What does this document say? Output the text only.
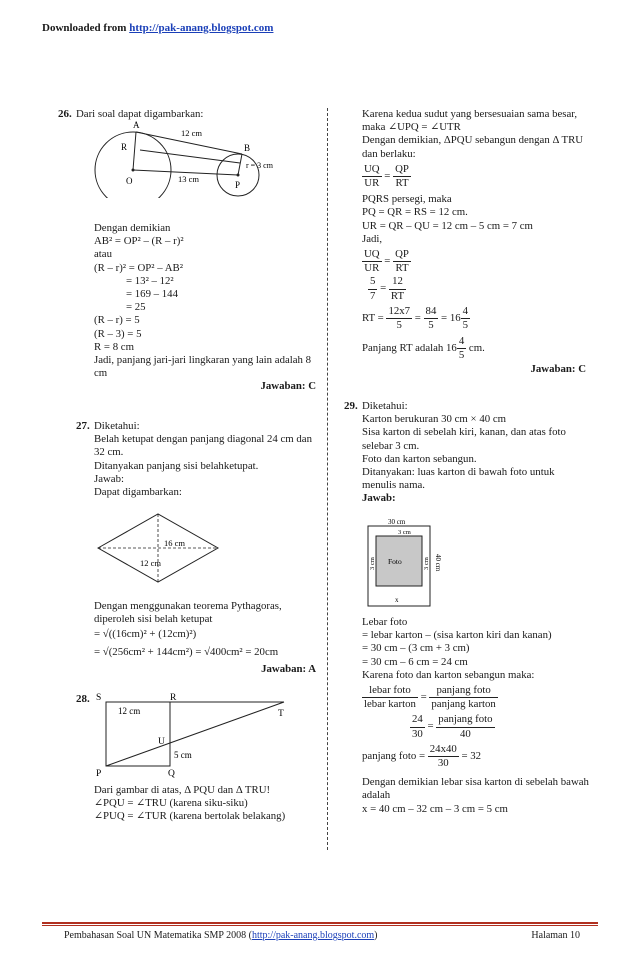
Downloaded from http://pak-anang.blogspot.com
26. Dari soal dapat digambarkan:
A
B
R
r = 3 cm
O	P
12 cm
13 cm

Dengan demikian

AB² = OP² – (R – r)²

atau

(R – r)² = OP² – AB²

= 13² – 12²

= 169 – 144

= 25

(R – r) = 5

(R – 3) = 5

R = 8 cm

Jadi, panjang jari-jari lingkaran yang lain adalah 8 cm

Jawaban: C

27. Diketahui:

Belah ketupat dengan panjang diagonal 24 cm dan 32 cm.

Ditanyakan panjang sisi belahketupat.

Jawab:

Dapat digambarkan:

16 cm
12 cm

Dengan menggunakan teorema Pythagoras, diperoleh sisi belah ketupat

= √((16cm)² + (12cm)²)

= √(256cm² + 144cm²) = √400cm² = 20cm

Jawaban: A

28. S	R
T
U
P	Q
12 cm
5 cm

Dari gambar di atas, Δ PQU dan Δ TRU!

∠PQU = ∠TRU (karena siku-siku)

∠PUQ = ∠TUR (karena bertolak belakang)

Karena kedua sudut yang bersesuaian sama besar, maka ∠UPQ = ∠UTR

Dengan demikian, ΔPQU sebangun dengan Δ TRU dan berlaku:

$\frac{UQ}{UR} = \frac{QP}{RT}$

PQRS persegi, maka

PQ = QR = RS = 12 cm.

UR = QR – QU = 12 cm – 5 cm = 7 cm

Jadi,

$\frac{UQ}{UR} = \frac{QP}{RT}$

$\frac{5}{7} = \frac{12}{RT}$

RT = $\frac{12x7}{5} = \frac{84}{5} = 16 \frac{4}{5}$

Panjang RT adalah $16 \frac{4}{5}$ cm.

Jawaban: C

29. Diketahui:

Karton berukuran 30 cm × 40 cm

Sisa karton di sebelah kiri, kanan, dan atas foto selebar 3 cm.

Foto dan karton sebangun.

Ditanyakan: luas karton di bawah foto untuk menulis nama.

Jawab:

30 cm
3 cm
3 cm	3 cm 40 cm
Foto
x

Lebar foto

= lebar karton – (sisa karton kiri dan kanan)

= 30 cm – (3 cm + 3 cm)

= 30 cm – 6 cm = 24 cm

Karena foto dan karton sebangun maka:

$\frac{\text{lebar foto}}{\text{lebar karton}} = \frac{\text{panjang foto}}{\text{panjang karton}}$

$\frac{24}{30} = \frac{\text{panjang foto}}{40}$

panjang foto = $\frac{24x40}{30} = 32$

Dengan demikian lebar sisa karton di sebelah bawah adalah

x = 40 cm – 32 cm – 3 cm = 5 cm

Pembahasan Soal UN Matematika SMP 2008 (http://pak-anang.blogspot.com)	Halaman 10
